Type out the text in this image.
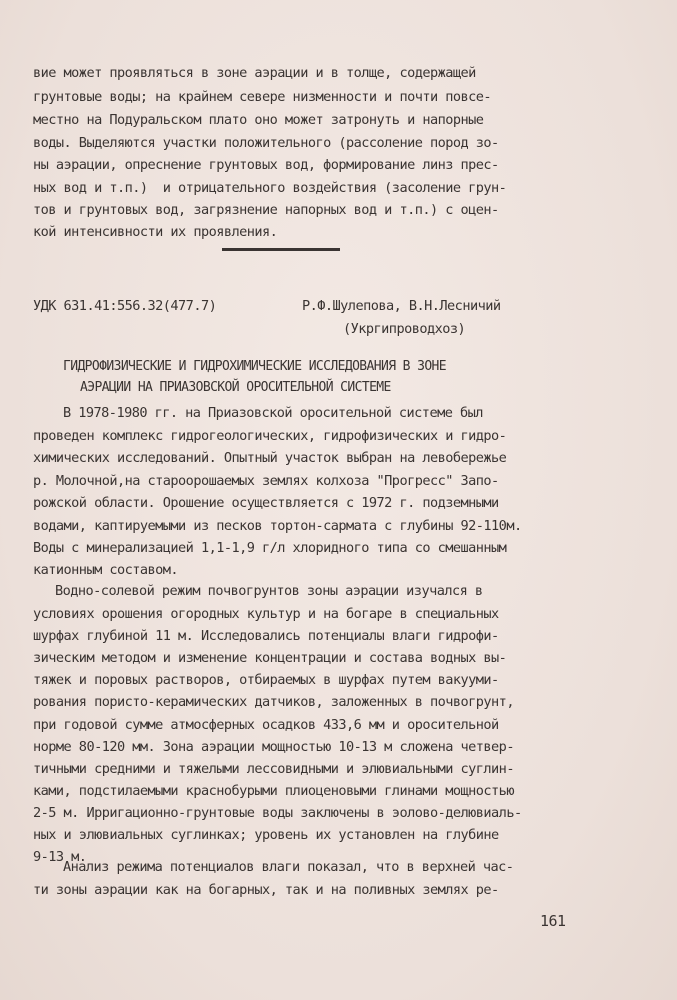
вие может проявляться в зоне аэрации и в толще, содержащей
грунтовые воды; на крайнем севере низменности и почти повсе-
местно на Подуральском плато оно может затронуть и напорные
воды. Выделяются участки положительного (рассоление пород зо-
ны аэрации, опреснение грунтовых вод, формирование линз прес-
ных вод и т.п.)  и отрицательного воздействия (засоление грун-
тов и грунтовых вод, загрязнение напорных вод и т.п.) с оцен-
кой интенсивности их проявления.
УДК 631.41:556.32(477.7)	Р.Ф.Шулепова, В.Н.Лесничий
(Укргипроводхоз)
ГИДРОФИЗИЧЕСКИЕ И ГИДРОХИМИЧЕСКИЕ ИССЛЕДОВАНИЯ В ЗОНЕ
АЭРАЦИИ НА ПРИАЗОВСКОЙ ОРОСИТЕЛЬНОЙ СИСТЕМЕ
В 1978-1980 гг. на Приазовской оросительной системе был
проведен комплекс гидрогеологических, гидрофизических и гидро-
химических исследований. Опытный участок выбран на левобережье
р. Молочной,на староорошаемых землях колхоза "Прогресс" Запо-
рожской области. Орошение осуществляется с 1972 г. подземными
водами, каптируемыми из песков тортон-сармата с глубины 92-110м.
Воды с минерализацией 1,1-1,9 г/л хлоридного типа со смешанным
катионным составом.
Водно-солевой режим почвогрунтов зоны аэрации изучался в
условиях орошения огородных культур и на богаре в специальных
шурфах глубиной 11 м. Исследовались потенциалы влаги гидрофи-
зическим методом и изменение концентрации и состава водных вы-
тяжек и поровых растворов, отбираемых в шурфах путем вакууми-
рования пористо-керамических датчиков, заложенных в почвогрунт,
при годовой сумме атмосферных осадков 433,6 мм и оросительной
норме 80-120 мм. Зона аэрации мощностью 10-13 м сложена четвер-
тичными средними и тяжелыми лессовидными и элювиальными суглин-
ками, подстилаемыми краснобурыми плиоценовыми глинами мощностью
2-5 м. Ирригационно-грунтовые воды заключены в эолово-делювиаль-
ных и элювиальных суглинках; уровень их установлен на глубине
9-13 м.
Анализ режима потенциалов влаги показал, что в верхней час-
ти зоны аэрации как на богарных, так и на поливных землях ре-
161
